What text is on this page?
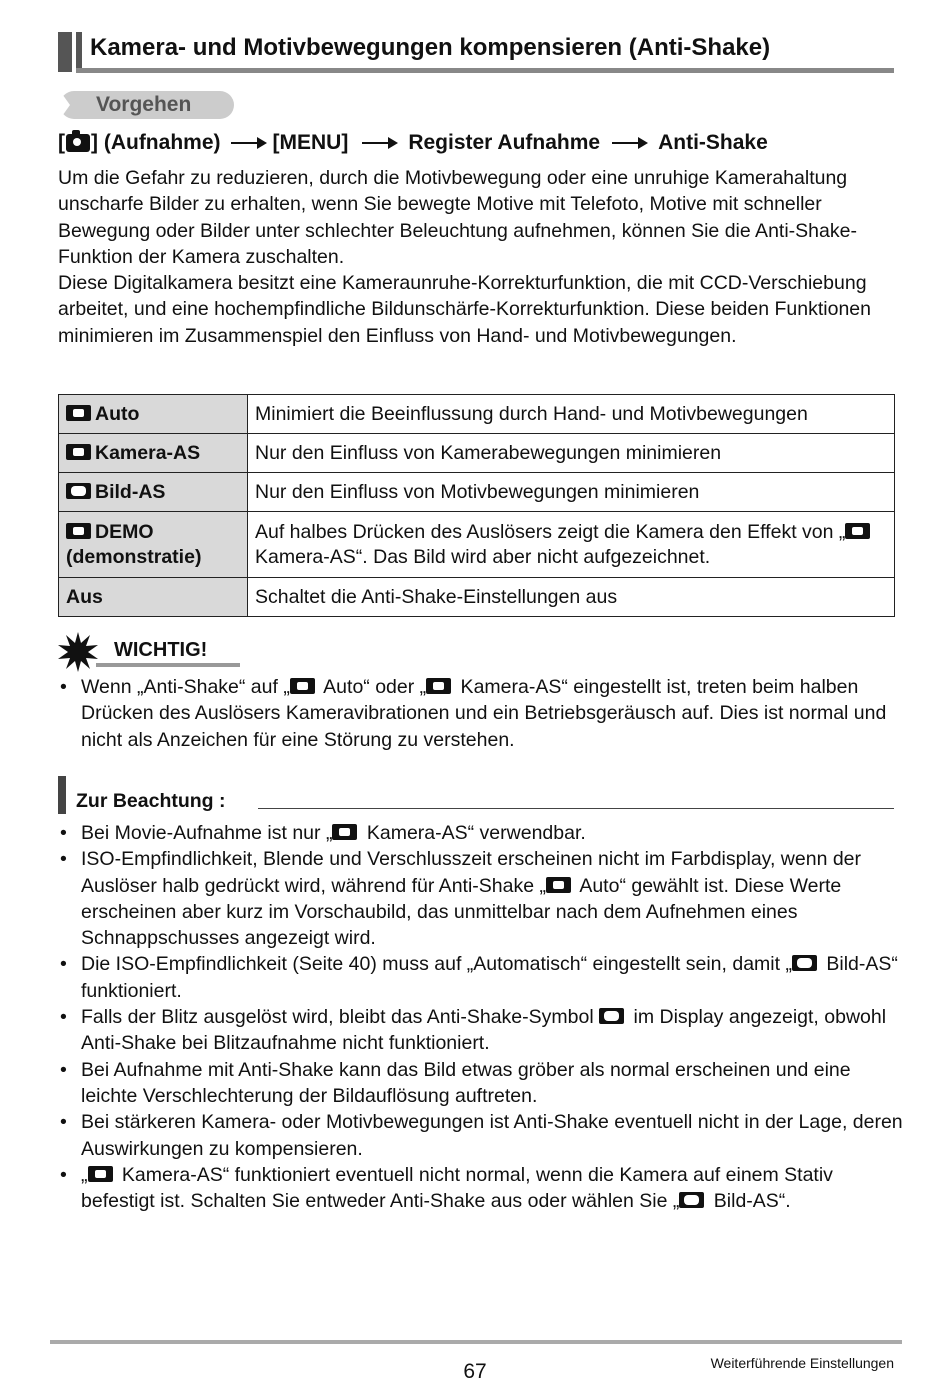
Kamera- und Motivbewegungen kompensieren (Anti-Shake)
Vorgehen
[ ] (Aufnahme) [MENU]	Register Aufnahme	Anti-Shake
Um die Gefahr zu reduzieren, durch die Motivbewegung oder eine unruhige Kamerahaltung unscharfe Bilder zu erhalten, wenn Sie bewegte Motive mit Telefoto, Motive mit schneller Bewegung oder Bilder unter schlechter Beleuchtung aufnehmen, können Sie die Anti-Shake-Funktion der Kamera zuschalten.
Diese Digitalkamera besitzt eine Kameraunruhe-Korrekturfunktion, die mit CCD-Verschiebung arbeitet, und eine hochempfindliche Bildunschärfe-Korrekturfunktion. Diese beiden Funktionen minimieren im Zusammenspiel den Einfluss von Hand- und Motivbewegungen.
Auto	Minimiert die Beeinflussung durch Hand- und Motivbewegungen
Kamera-AS	Nur den Einfluss von Kamerabewegungen minimieren
Bild-AS	Nur den Einfluss von Motivbewegungen minimieren
DEMO (demonstratie)	Auf halbes Drücken des Auslösers zeigt die Kamera den Effekt von „ Kamera-AS“. Das Bild wird aber nicht aufgezeichnet.
Aus	Schaltet die Anti-Shake-Einstellungen aus
WICHTIG!
• Wenn „Anti-Shake“ auf „ Auto“ oder „ Kamera-AS“ eingestellt ist, treten beim halben Drücken des Auslösers Kameravibrationen und ein Betriebsgeräusch auf. Dies ist normal und nicht als Anzeichen für eine Störung zu verstehen.
Zur Beachtung :
• Bei Movie-Aufnahme ist nur „ Kamera-AS“ verwendbar.
• ISO-Empfindlichkeit, Blende und Verschlusszeit erscheinen nicht im Farbdisplay, wenn der Auslöser halb gedrückt wird, während für Anti-Shake „ Auto“ gewählt ist. Diese Werte erscheinen aber kurz im Vorschaubild, das unmittelbar nach dem Aufnehmen eines Schnappschusses angezeigt wird.
• Die ISO-Empfindlichkeit (Seite 40) muss auf „Automatisch“ eingestellt sein, damit „ Bild-AS“ funktioniert.
• Falls der Blitz ausgelöst wird, bleibt das Anti-Shake-Symbol  im Display angezeigt, obwohl Anti-Shake bei Blitzaufnahme nicht funktioniert.
• Bei Aufnahme mit Anti-Shake kann das Bild etwas gröber als normal erscheinen und eine leichte Verschlechterung der Bildauflösung auftreten.
• Bei stärkeren Kamera- oder Motivbewegungen ist Anti-Shake eventuell nicht in der Lage, deren Auswirkungen zu kompensieren.
• „ Kamera-AS“ funktioniert eventuell nicht normal, wenn die Kamera auf einem Stativ befestigt ist. Schalten Sie entweder Anti-Shake aus oder wählen Sie „ Bild-AS“.
67	Weiterführende Einstellungen
